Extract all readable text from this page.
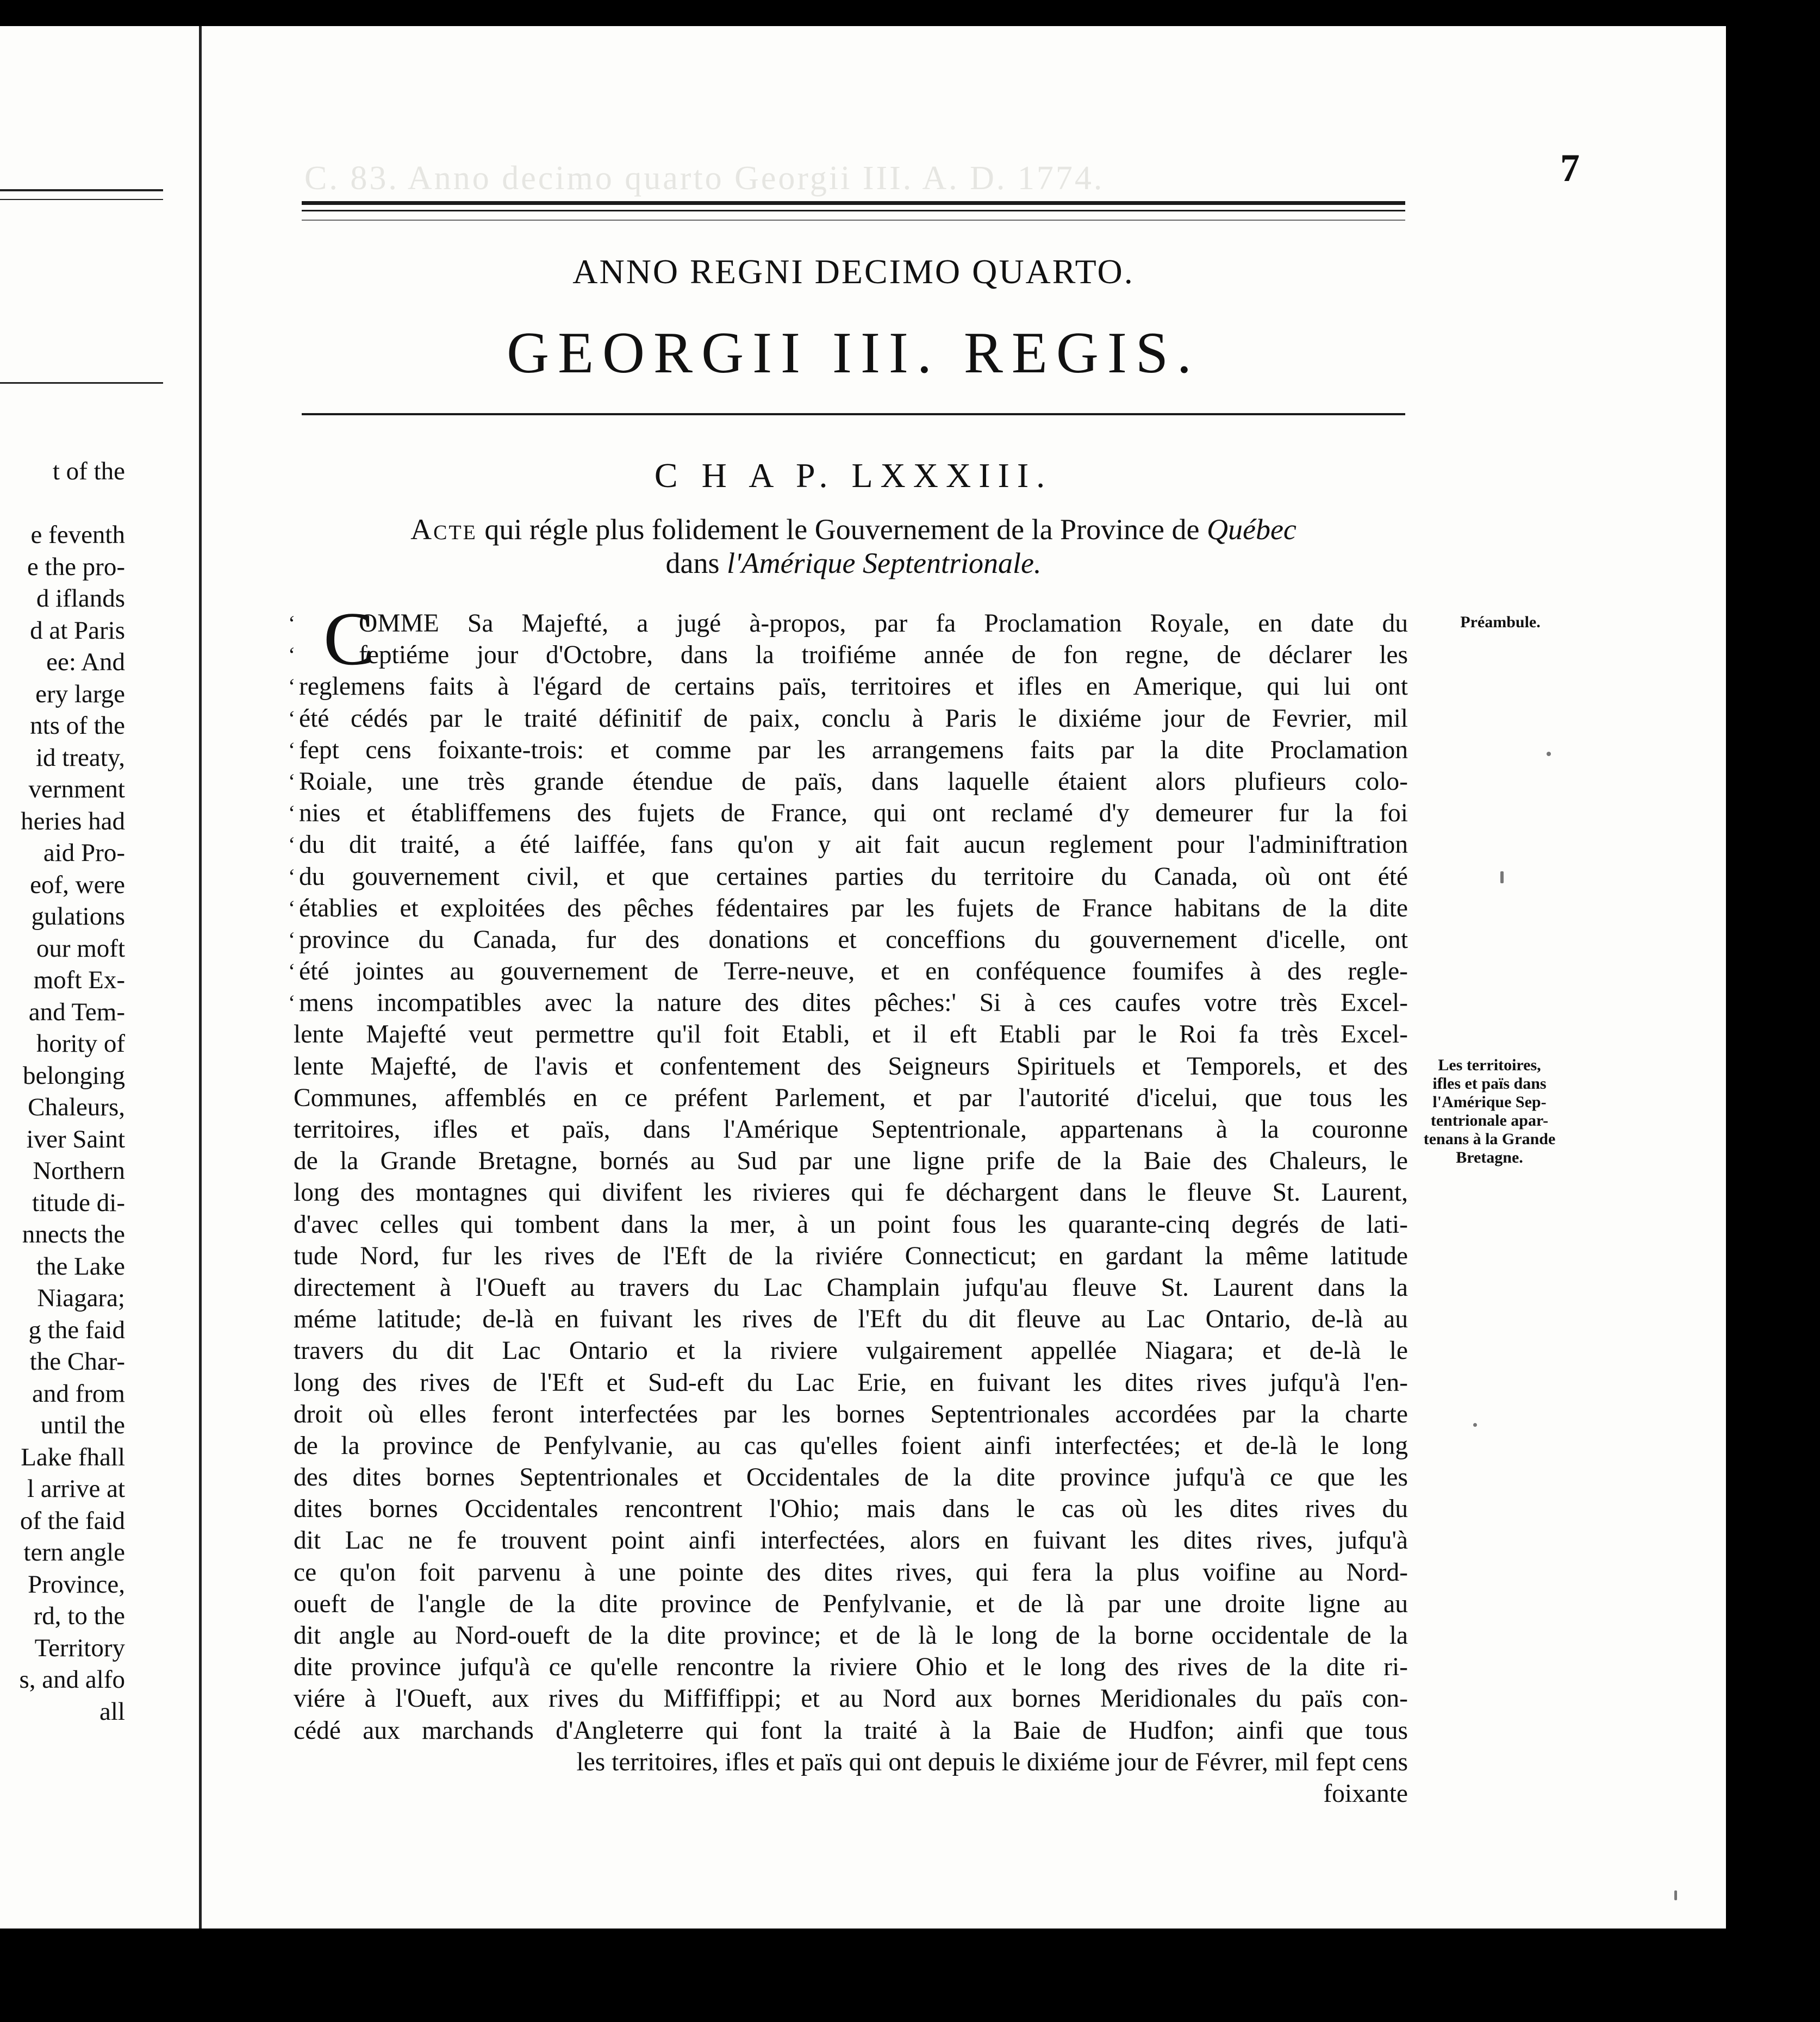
t of the
e feventh
e the pro-
d iflands
d at Paris
ee: And
ery large
nts of the
id treaty,
vernment
heries had
aid Pro-
eof, were
gulations
our moft
moft Ex-
and Tem-
hority of
belonging
Chaleurs,
iver Saint
Northern
titude di-
nnects the
the Lake
Niagara;
g the faid
the Char-
and from
until the
Lake fhall
l arrive at
of the faid
tern angle
Province,
rd, to the
Territory
s, and alfo
all
C. 83. Anno decimo quarto Georgii III. A. D. 1774.	7
ANNO REGNI DECIMO QUARTO.
GEORGII III. REGIS.
C H A P. LXXXIII.
Acte qui régle plus folidement le Gouvernement de la Province de Québec
dans l'Amérique Septentrionale.
C
OMME Sa Majefté, a jugé à-propos, par fa Proclamation Royale, en date du
feptiéme jour d'Octobre, dans la troifiéme année de fon regne, de déclarer les
reglemens faits à l'égard de certains païs, territoires et ifles en Amerique, qui lui ont
été cédés par le traité définitif de paix, conclu à Paris le dixiéme jour de Fevrier, mil
fept cens foixante-trois: et comme par les arrangemens faits par la dite Proclamation
Roiale, une très grande étendue de païs, dans laquelle étaient alors plufieurs colo-
nies et établiffemens des fujets de France, qui ont reclamé d'y demeurer fur la foi
du dit traité, a été laiffée, fans qu'on y ait fait aucun reglement pour l'adminiftration
du gouvernement civil, et que certaines parties du territoire du Canada, où ont été
établies et exploitées des pêches fédentaires par les fujets de France habitans de la dite
province du Canada, fur des donations et conceffions du gouvernement d'icelle, ont
été jointes au gouvernement de Terre-neuve, et en conféquence foumifes à des regle-
mens incompatibles avec la nature des dites pêches:' Si à ces caufes votre très Excel-
lente Majefté veut permettre qu'il foit Etabli, et il eft Etabli par le Roi fa très Excel-
lente Majefté, de l'avis et confentement des Seigneurs Spirituels et Temporels, et des
Communes, affemblés en ce préfent Parlement, et par l'autorité d'icelui, que tous les
territoires, ifles et païs, dans l'Amérique Septentrionale, appartenans à la couronne
de la Grande Bretagne, bornés au Sud par une ligne prife de la Baie des Chaleurs, le
long des montagnes qui divifent les rivieres qui fe déchargent dans le fleuve St. Laurent,
d'avec celles qui tombent dans la mer, à un point fous les quarante-cinq degrés de lati-
tude Nord, fur les rives de l'Eft de la riviére Connecticut; en gardant la même latitude
directement à l'Oueft au travers du Lac Champlain jufqu'au fleuve St. Laurent dans la
méme latitude; de-là en fuivant les rives de l'Eft du dit fleuve au Lac Ontario, de-là au
travers du dit Lac Ontario et la riviere vulgairement appellée Niagara; et de-là le
long des rives de l'Eft et Sud-eft du Lac Erie, en fuivant les dites rives jufqu'à l'en-
droit où elles feront interfectées par les bornes Septentrionales accordées par la charte
de la province de Penfylvanie, au cas qu'elles foient ainfi interfectées; et de-là le long
des dites bornes Septentrionales et Occidentales de la dite province jufqu'à ce que les
dites bornes Occidentales rencontrent l'Ohio; mais dans le cas où les dites rives du
dit Lac ne fe trouvent point ainfi interfectées, alors en fuivant les dites rives, jufqu'à
ce qu'on foit parvenu à une pointe des dites rives, qui fera la plus voifine au Nord-
oueft de l'angle de la dite province de Penfylvanie, et de là par une droite ligne au
dit angle au Nord-oueft de la dite province; et de là le long de la borne occidentale de la
dite province jufqu'à ce qu'elle rencontre la riviere Ohio et le long des rives de la dite ri-
viére à l'Oueft, aux rives du Miffiffippi; et au Nord aux bornes Meridionales du païs con-
cédé aux marchands d'Angleterre qui font la traité à la Baie de Hudfon; ainfi que tous
les territoires, ifles et païs qui ont depuis le dixiéme jour de Févrer, mil fept cens
foixante
‘
‘
‘
‘
‘
‘
‘
‘
‘
‘
‘
‘
‘
Préambule.
Les territoires,
ifles et païs dans
l'Amérique Sep-
tentrionale apar-
tenans à la Grande
Bretagne.
